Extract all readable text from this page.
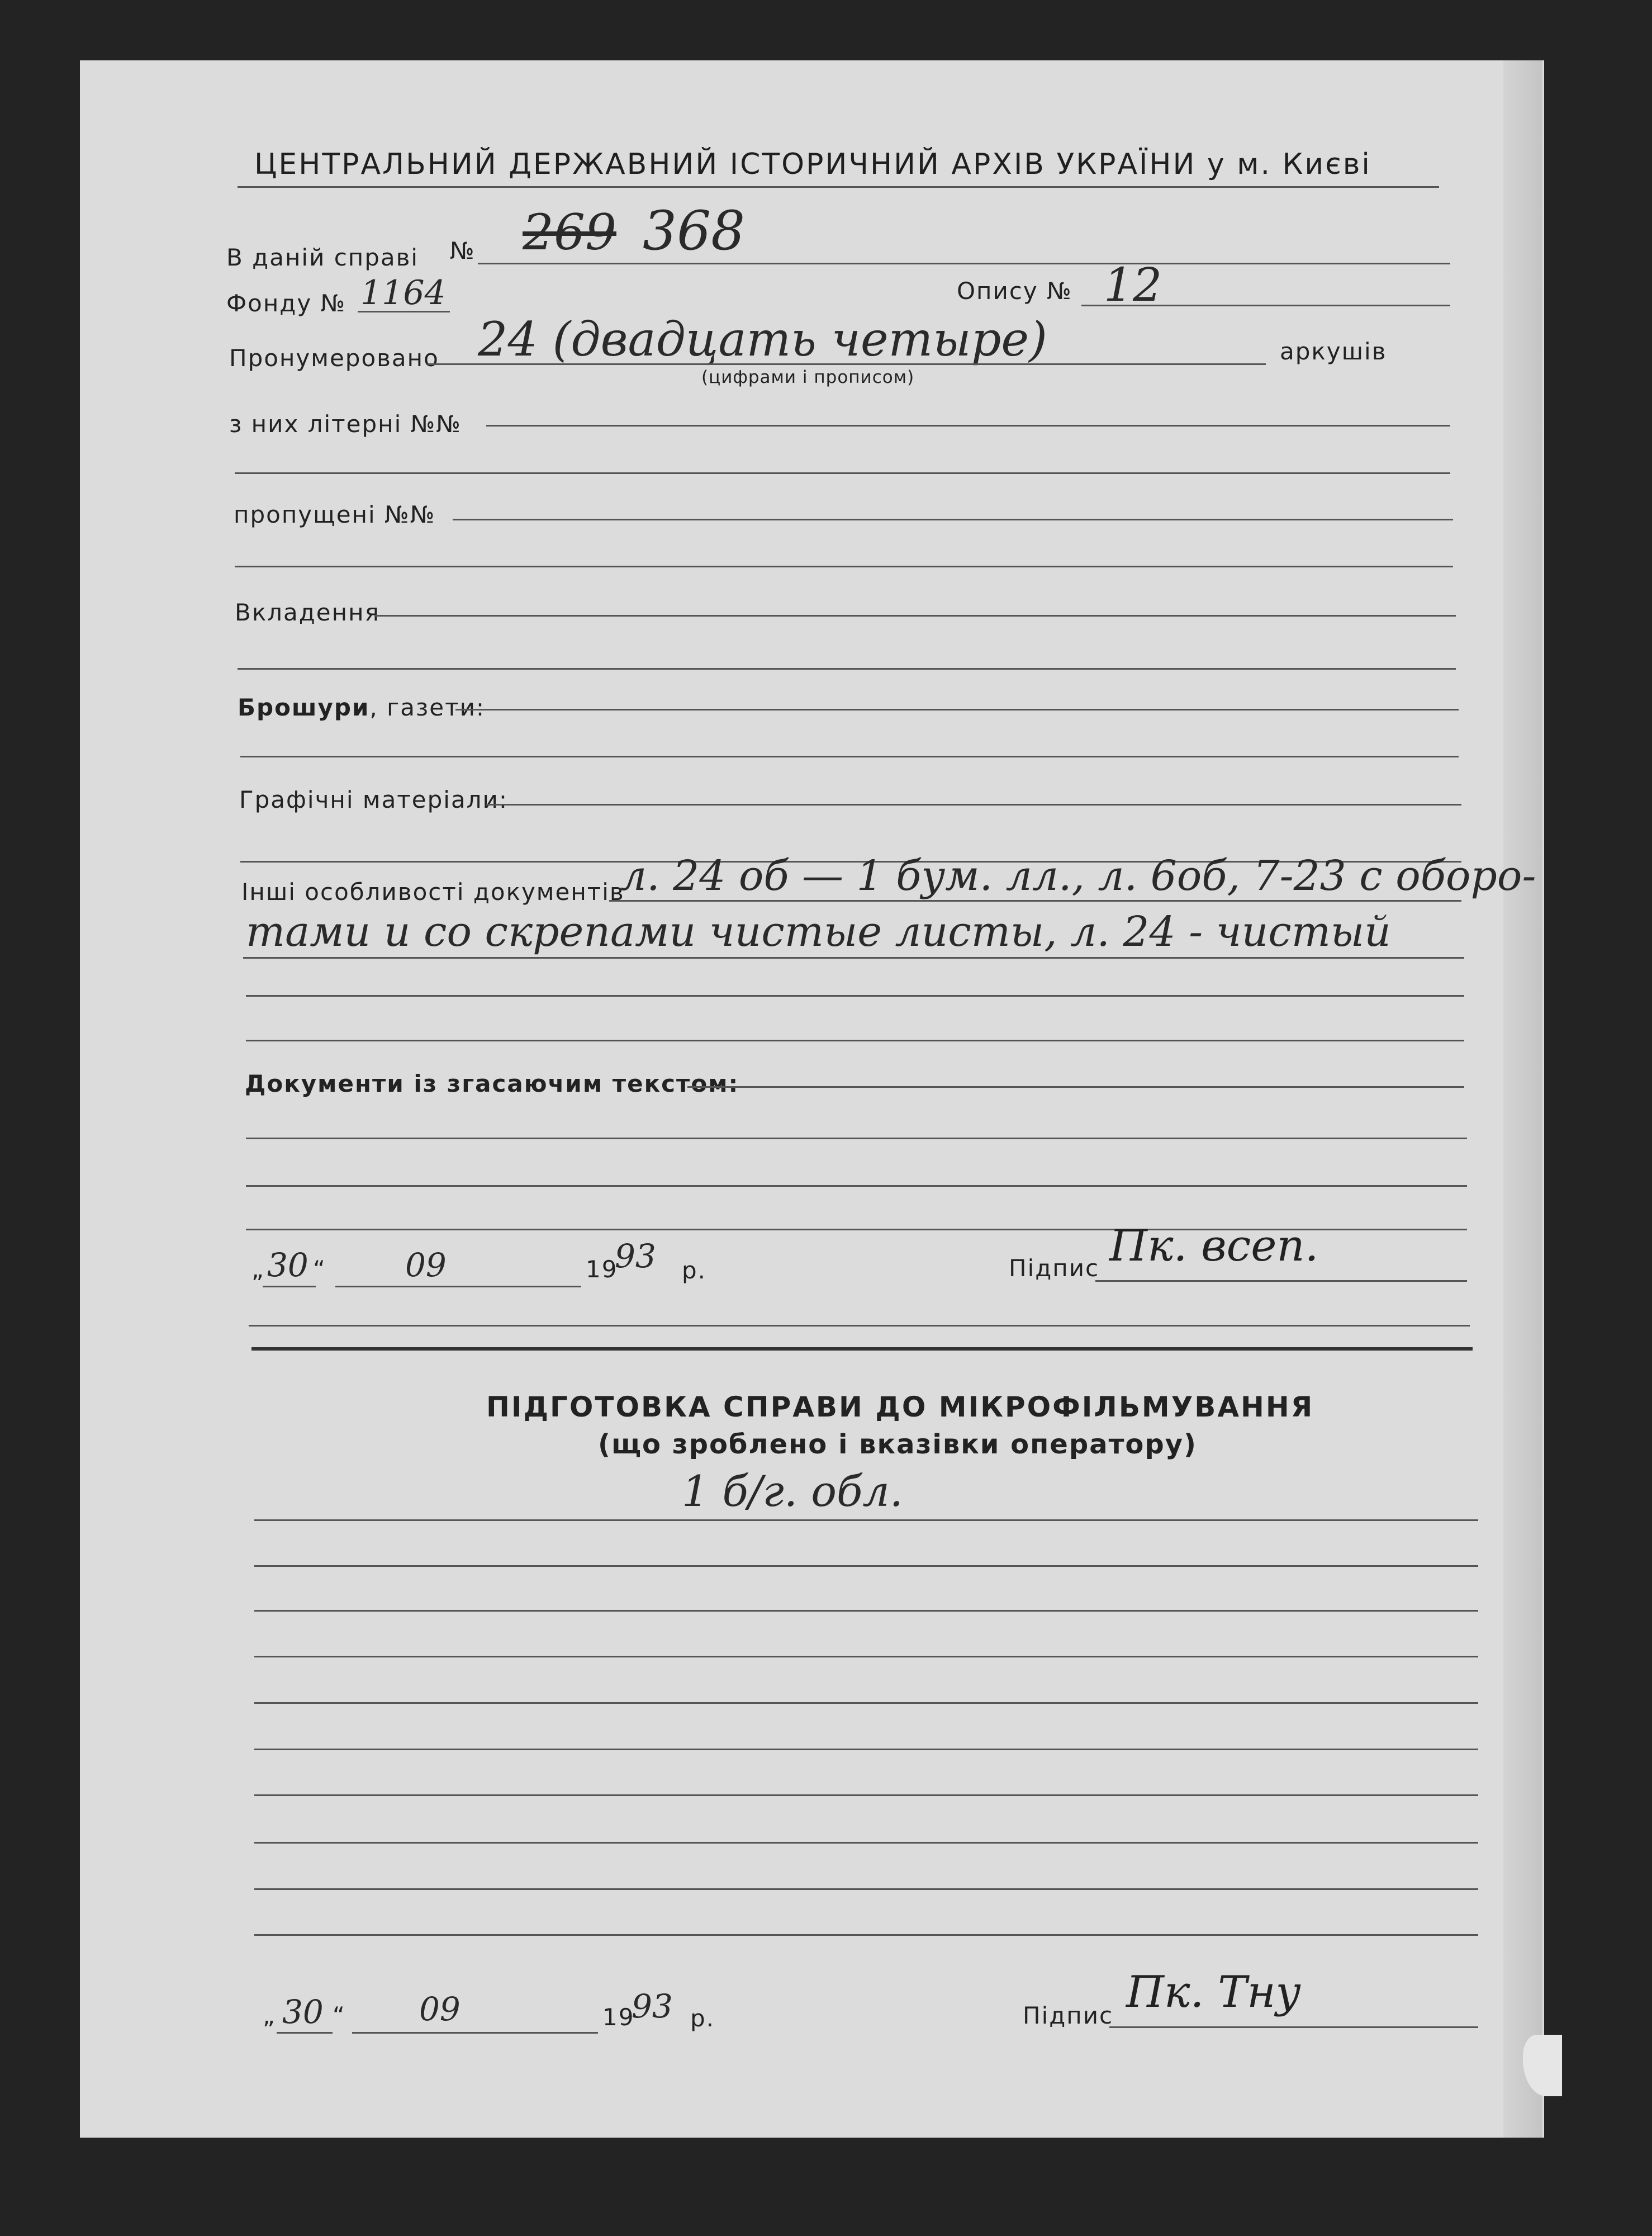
ЦЕНТРАЛЬНИЙ ДЕРЖАВНИЙ ІСТОРИЧНИЙ АРХІВ УКРАЇНИ у м. Києві
В даній справі № 269 368
Фонду № 1164	Опису № 12
Пронумеровано 24 (двадцать четыре)
(цифрами і прописом)
аркушів
з них літерні №№
пропущені №№
Вкладення
Брошури, газети:
Графічні матеріали:
Інші особливості документів
л. 24 об — 1 бум. лл., л. 6об, 7-23 с оборо-
тами и со скрепами чистые листы, л. 24 - чистый
Документи із згасаючим текстом:
„ 30 “ 09	19
93 р.	Підпис Пк. всеп.
ПІДГОТОВКА СПРАВИ ДО МІКРОФІЛЬМУВАННЯ
(що зроблено і вказівки оператору)
1 б/г. обл.
„ 30 “ 09	19
93 р.	Підпис Пк. Тну
